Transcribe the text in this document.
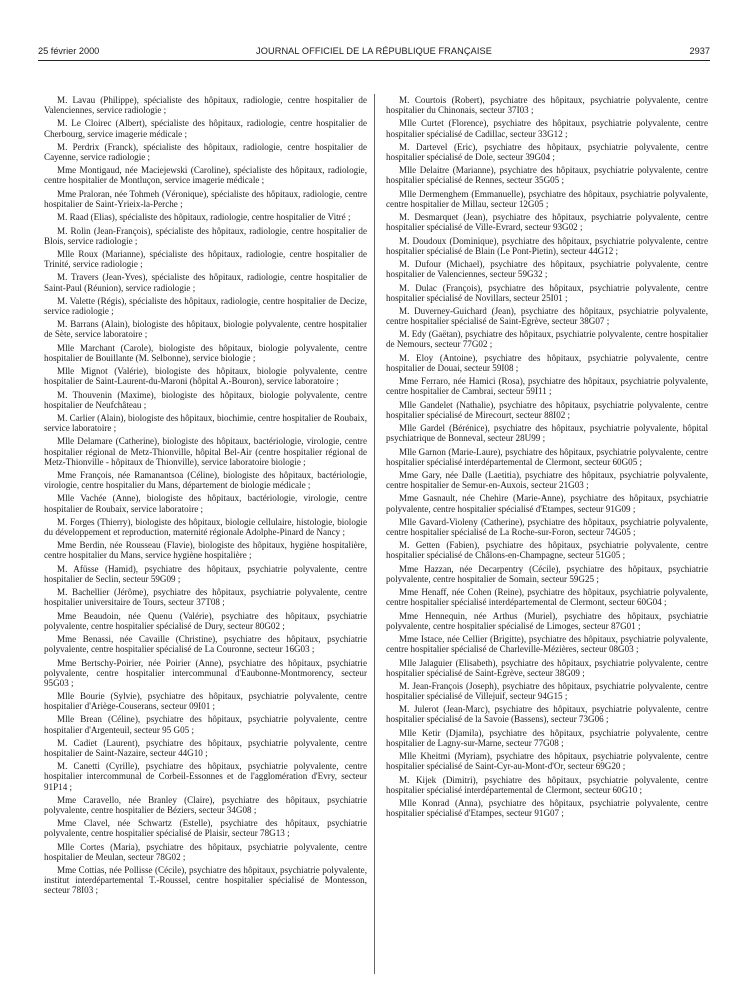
25 février 2000	JOURNAL OFFICIEL DE LA RÉPUBLIQUE FRANÇAISE	2937

M. Lavau (Philippe), spécialiste des hôpitaux, radiologie, centre hospitalier de Valenciennes, service radiologie ;

M. Le Cloirec (Albert), spécialiste des hôpitaux, radiologie, centre hospitalier de Cherbourg, service imagerie médicale ;

M. Perdrix (Franck), spécialiste des hôpitaux, radiologie, centre hospitalier de Cayenne, service radiologie ;

Mme Montigaud, née Maciejewski (Caroline), spécialiste des hôpitaux, radiologie, centre hospitalier de Montluçon, service imagerie médicale ;

Mme Praloran, née Tohmeh (Véronique), spécialiste des hôpitaux, radiologie, centre hospitalier de Saint-Yrieix-la-Perche ;

M. Raad (Elias), spécialiste des hôpitaux, radiologie, centre hospitalier de Vitré ;

M. Rolin (Jean-François), spécialiste des hôpitaux, radiologie, centre hospitalier de Blois, service radiologie ;

Mlle Roux (Marianne), spécialiste des hôpitaux, radiologie, centre hospitalier de Trinité, service radiologie ;

M. Travers (Jean-Yves), spécialiste des hôpitaux, radiologie, centre hospitalier de Saint-Paul (Réunion), service radiologie ;

M. Valette (Régis), spécialiste des hôpitaux, radiologie, centre hospitalier de Decize, service radiologie ;

M. Barrans (Alain), biologiste des hôpitaux, biologie polyvalente, centre hospitalier de Sète, service laboratoire ;

Mlle Marchant (Carole), biologiste des hôpitaux, biologie polyvalente, centre hospitalier de Bouillante (M. Selbonne), service biologie ;

Mlle Mignot (Valérie), biologiste des hôpitaux, biologie polyvalente, centre hospitalier de Saint-Laurent-du-Maroni (hôpital A.-Bouron), service laboratoire ;

M. Thouvenin (Maxime), biologiste des hôpitaux, biologie polyvalente, centre hospitalier de Neufchâteau ;

M. Carlier (Alain), biologiste des hôpitaux, biochimie, centre hospitalier de Roubaix, service laboratoire ;

Mlle Delamare (Catherine), biologiste des hôpitaux, bactériologie, virologie, centre hospitalier régional de Metz-Thionville, hôpital Bel-Air (centre hospitalier régional de Metz-Thionville - hôpitaux de Thionville), service laboratoire biologie ;

Mme François, née Ramanantsoa (Céline), biologiste des hôpitaux, bactériologie, virologie, centre hospitalier du Mans, département de biologie médicale ;

Mlle Vachée (Anne), biologiste des hôpitaux, bactériologie, virologie, centre hospitalier de Roubaix, service laboratoire ;

M. Forges (Thierry), biologiste des hôpitaux, biologie cellulaire, histologie, biologie du développement et reproduction, maternité régionale Adolphe-Pinard de Nancy ;

Mme Berdin, née Rousseau (Flavie), biologiste des hôpitaux, hygiène hospitalière, centre hospitalier du Mans, service hygiène hospitalière ;

M. Afüsse (Hamid), psychiatre des hôpitaux, psychiatrie polyvalente, centre hospitalier de Seclin, secteur 59G09 ;

M. Bachellier (Jérôme), psychiatre des hôpitaux, psychiatrie polyvalente, centre hospitalier universitaire de Tours, secteur 37T08 ;

Mme Beaudoin, née Quenu (Valérie), psychiatre des hôpitaux, psychiatrie polyvalente, centre hospitalier spécialisé de Dury, secteur 80G02 ;

Mme Benassi, née Cavaille (Christine), psychiatre des hôpitaux, psychiatrie polyvalente, centre hospitalier spécialisé de La Couronne, secteur 16G03 ;

Mme Bertschy-Poirier, née Poirier (Anne), psychiatre des hôpitaux, psychiatrie polyvalente, centre hospitalier intercommunal d'Eaubonne-Montmorency, secteur 95G03 ;

Mlle Bourie (Sylvie), psychiatre des hôpitaux, psychiatrie polyvalente, centre hospitalier d'Ariège-Couserans, secteur 09I01 ;

Mlle Brean (Céline), psychiatre des hôpitaux, psychiatrie polyvalente, centre hospitalier d'Argenteuil, secteur 95 G05 ;

M. Cadiet (Laurent), psychiatre des hôpitaux, psychiatrie polyvalente, centre hospitalier de Saint-Nazaire, secteur 44G10 ;

M. Canetti (Cyrille), psychiatre des hôpitaux, psychiatrie polyvalente, centre hospitalier intercommunal de Corbeil-Essonnes et de l'agglomération d'Evry, secteur 91P14 ;

Mme Caravello, née Branley (Claire), psychiatre des hôpitaux, psychiatrie polyvalente, centre hospitalier de Béziers, secteur 34G08 ;

Mme Clavel, née Schwartz (Estelle), psychiatre des hôpitaux, psychiatrie polyvalente, centre hospitalier spécialisé de Plaisir, secteur 78G13 ;

Mlle Cortes (Maria), psychiatre des hôpitaux, psychiatrie polyvalente, centre hospitalier de Meulan, secteur 78G02 ;

Mme Cottias, née Pollisse (Cécile), psychiatre des hôpitaux, psychiatrie polyvalente, institut interdépartemental T.-Roussel, centre hospitalier spécialisé de Montesson, secteur 78I03 ;

M. Courtois (Robert), psychiatre des hôpitaux, psychiatrie polyvalente, centre hospitalier du Chinonais, secteur 37I03 ;

Mlle Curtet (Florence), psychiatre des hôpitaux, psychiatrie polyvalente, centre hospitalier spécialisé de Cadillac, secteur 33G12 ;

M. Dartevel (Eric), psychiatre des hôpitaux, psychiatrie polyvalente, centre hospitalier spécialisé de Dole, secteur 39G04 ;

Mlle Delaitre (Marianne), psychiatre des hôpitaux, psychiatrie polyvalente, centre hospitalier spécialisé de Rennes, secteur 35G05 ;

Mlle Dermenghem (Emmanuelle), psychiatre des hôpitaux, psychiatrie polyvalente, centre hospitalier de Millau, secteur 12G05 ;

M. Desmarquet (Jean), psychiatre des hôpitaux, psychiatrie polyvalente, centre hospitalier spécialisé de Ville-Evrard, secteur 93G02 ;

M. Doudoux (Dominique), psychiatre des hôpitaux, psychiatrie polyvalente, centre hospitalier spécialisé de Blain (Le Pont-Pietin), secteur 44G12 ;

M. Dufour (Michael), psychiatre des hôpitaux, psychiatrie polyvalente, centre hospitalier de Valenciennes, secteur 59G32 ;

M. Dulac (François), psychiatre des hôpitaux, psychiatrie polyvalente, centre hospitalier spécialisé de Novillars, secteur 25I01 ;

M. Duverney-Guichard (Jean), psychiatre des hôpitaux, psychiatrie polyvalente, centre hospitalier spécialisé de Saint-Egrève, secteur 38G07 ;

M. Edy (Gaëtan), psychiatre des hôpitaux, psychiatrie polyvalente, centre hospitalier de Nemours, secteur 77G02 ;

M. Eloy (Antoine), psychiatre des hôpitaux, psychiatrie polyvalente, centre hospitalier de Douai, secteur 59I08 ;

Mme Ferraro, née Hamici (Rosa), psychiatre des hôpitaux, psychiatrie polyvalente, centre hospitalier de Cambrai, secteur 59I11 ;

Mlle Gandelet (Nathalie), psychiatre des hôpitaux, psychiatrie polyvalente, centre hospitalier spécialisé de Mirecourt, secteur 88I02 ;

Mlle Gardel (Bérénice), psychiatre des hôpitaux, psychiatrie polyvalente, hôpital psychiatrique de Bonneval, secteur 28U99 ;

Mlle Garnon (Marie-Laure), psychiatre des hôpitaux, psychiatrie polyvalente, centre hospitalier spécialisé interdépartemental de Clermont, secteur 60G05 ;

Mme Gary, née Dalle (Laetitia), psychiatre des hôpitaux, psychiatrie polyvalente, centre hospitalier de Semur-en-Auxois, secteur 21G03 ;

Mme Gasnault, née Chehire (Marie-Anne), psychiatre des hôpitaux, psychiatrie polyvalente, centre hospitalier spécialisé d'Etampes, secteur 91G09 ;

Mlle Gavard-Violeny (Catherine), psychiatre des hôpitaux, psychiatrie polyvalente, centre hospitalier spécialisé de La Roche-sur-Foron, secteur 74G05 ;

M. Getten (Fabien), psychiatre des hôpitaux, psychiatrie polyvalente, centre hospitalier spécialisé de Châlons-en-Champagne, secteur 51G05 ;

Mme Hazzan, née Decarpentry (Cécile), psychiatre des hôpitaux, psychiatrie polyvalente, centre hospitalier de Somain, secteur 59G25 ;

Mme Henaff, née Cohen (Reine), psychiatre des hôpitaux, psychiatrie polyvalente, centre hospitalier spécialisé interdépartemental de Clermont, secteur 60G04 ;

Mme Hennequin, née Arthus (Muriel), psychiatre des hôpitaux, psychiatrie polyvalente, centre hospitalier spécialisé de Limoges, secteur 87G01 ;

Mme Istace, née Cellier (Brigitte), psychiatre des hôpitaux, psychiatrie polyvalente, centre hospitalier spécialisé de Charleville-Mézières, secteur 08G03 ;

Mlle Jalaguier (Elisabeth), psychiatre des hôpitaux, psychiatrie polyvalente, centre hospitalier spécialisé de Saint-Egrève, secteur 38G09 ;

M. Jean-François (Joseph), psychiatre des hôpitaux, psychiatrie polyvalente, centre hospitalier spécialisé de Villejuif, secteur 94G15 ;

M. Julerot (Jean-Marc), psychiatre des hôpitaux, psychiatrie polyvalente, centre hospitalier spécialisé de la Savoie (Bassens), secteur 73G06 ;

Mlle Ketir (Djamila), psychiatre des hôpitaux, psychiatrie polyvalente, centre hospitalier de Lagny-sur-Marne, secteur 77G08 ;

Mlle Kheitmi (Myriam), psychiatre des hôpitaux, psychiatrie polyvalente, centre hospitalier spécialisé de Saint-Cyr-au-Mont-d'Or, secteur 69G20 ;

M. Kijek (Dimitri), psychiatre des hôpitaux, psychiatrie polyvalente, centre hospitalier spécialisé interdépartemental de Clermont, secteur 60G10 ;

Mlle Konrad (Anna), psychiatre des hôpitaux, psychiatrie polyvalente, centre hospitalier spécialisé d'Etampes, secteur 91G07 ;
